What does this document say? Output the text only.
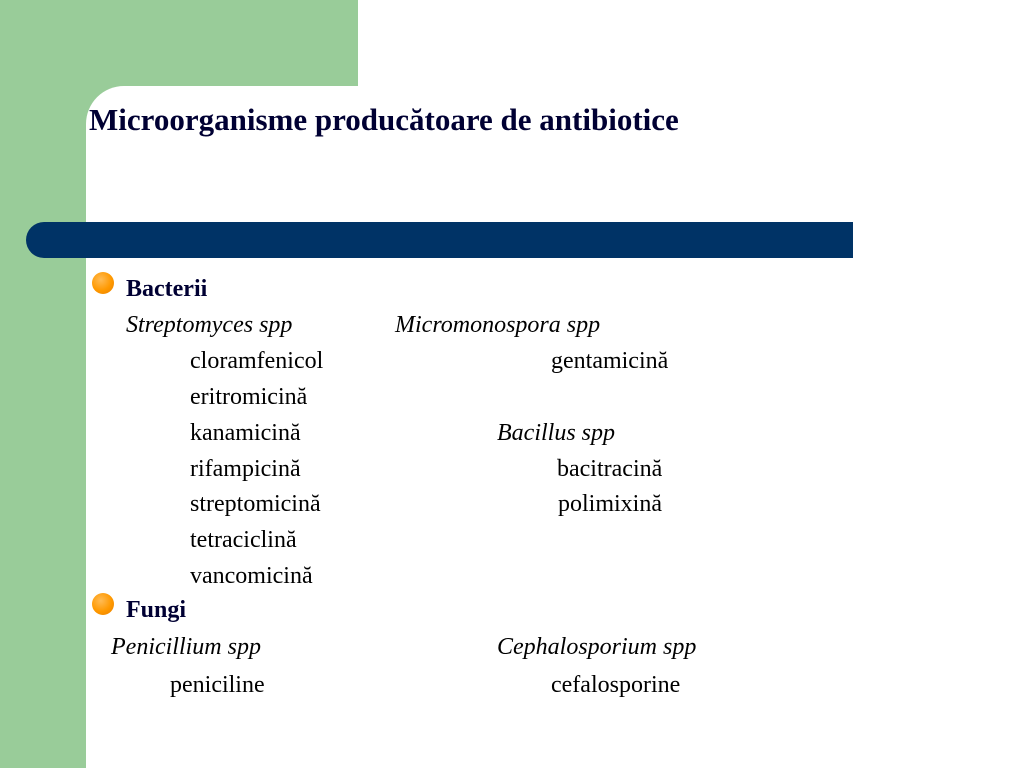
Microorganisme producătoare de antibiotice
Bacterii
Streptomyces spp	Micromonospora spp
cloramfenicol	gentamicină
eritromicină
kanamicină	Bacillus spp
rifampicină	bacitracină
streptomicină	polimixină
tetraciclină
vancomicină
Fungi
Penicillium spp	Cephalosporium spp
peniciline	cefalosporine
